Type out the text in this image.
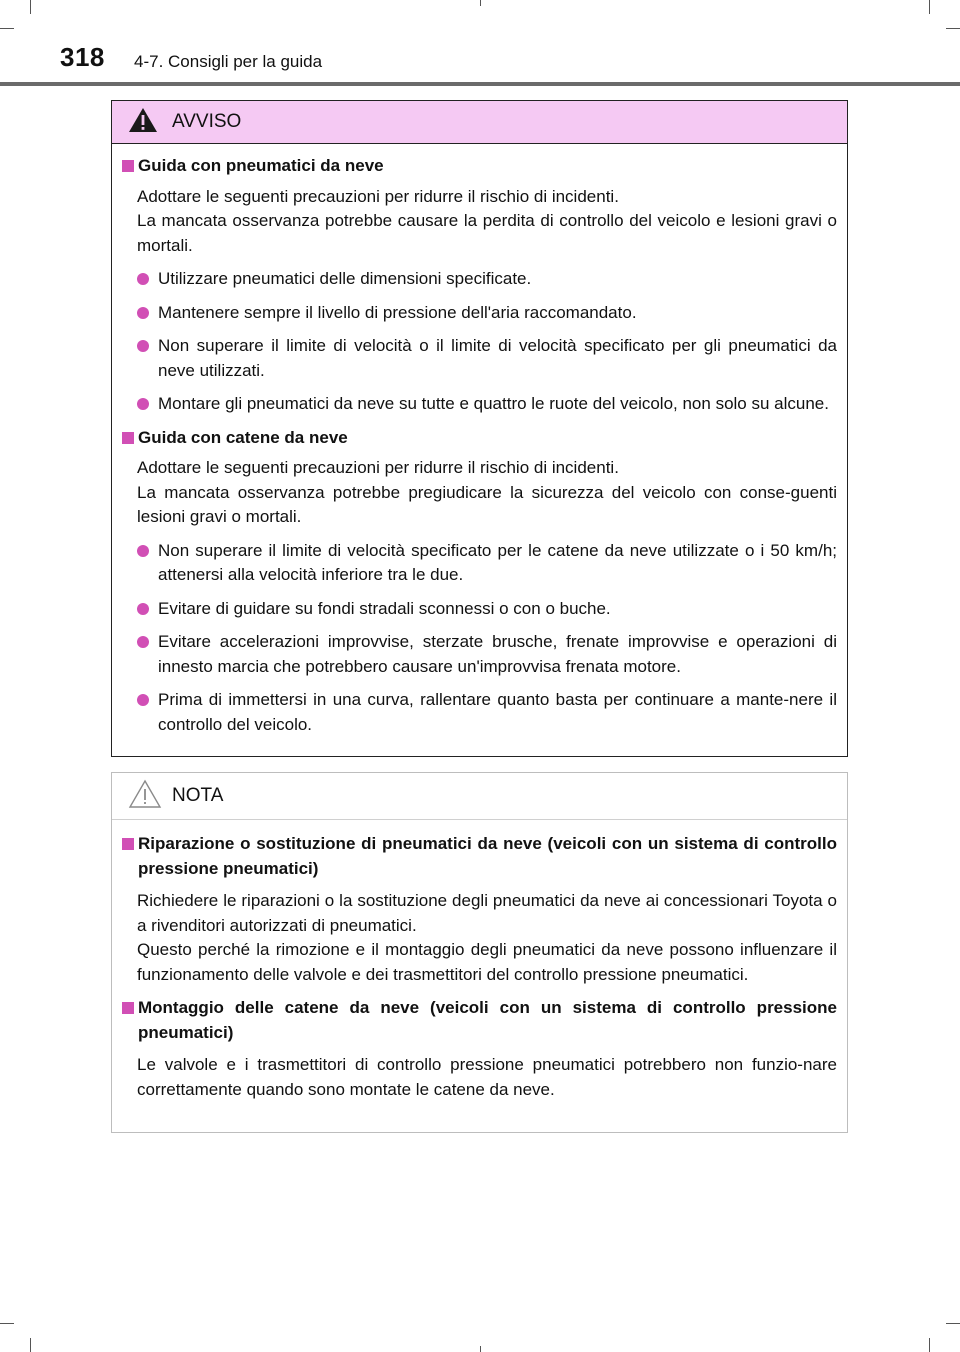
318 4-7. Consigli per la guida
AVVISO
Guida con pneumatici da neve
Adottare le seguenti precauzioni per ridurre il rischio di incidenti.
La mancata osservanza potrebbe causare la perdita di controllo del veicolo e lesioni gravi o mortali.
Utilizzare pneumatici delle dimensioni specificate.
Mantenere sempre il livello di pressione dell'aria raccomandato.
Non superare il limite di velocità o il limite di velocità specificato per gli pneumatici da neve utilizzati.
Montare gli pneumatici da neve su tutte e quattro le ruote del veicolo, non solo su alcune.
Guida con catene da neve
Adottare le seguenti precauzioni per ridurre il rischio di incidenti.
La mancata osservanza potrebbe pregiudicare la sicurezza del veicolo con conse-guenti lesioni gravi o mortali.
Non superare il limite di velocità specificato per le catene da neve utilizzate o i 50 km/h; attenersi alla velocità inferiore tra le due.
Evitare di guidare su fondi stradali sconnessi o con o buche.
Evitare accelerazioni improvvise, sterzate brusche, frenate improvvise e operazioni di innesto marcia che potrebbero causare un'improvvisa frenata motore.
Prima di immettersi in una curva, rallentare quanto basta per continuare a mante-nere il controllo del veicolo.
NOTA
Riparazione o sostituzione di pneumatici da neve (veicoli con un sistema di controllo pressione pneumatici)
Richiedere le riparazioni o la sostituzione degli pneumatici da neve ai concessionari Toyota o a rivenditori autorizzati di pneumatici.
Questo perché la rimozione e il montaggio degli pneumatici da neve possono influenzare il funzionamento delle valvole e dei trasmettitori del controllo pressione pneumatici.
Montaggio delle catene da neve (veicoli con un sistema di controllo pressione pneumatici)
Le valvole e i trasmettitori di controllo pressione pneumatici potrebbero non funzio-nare correttamente quando sono montate le catene da neve.
